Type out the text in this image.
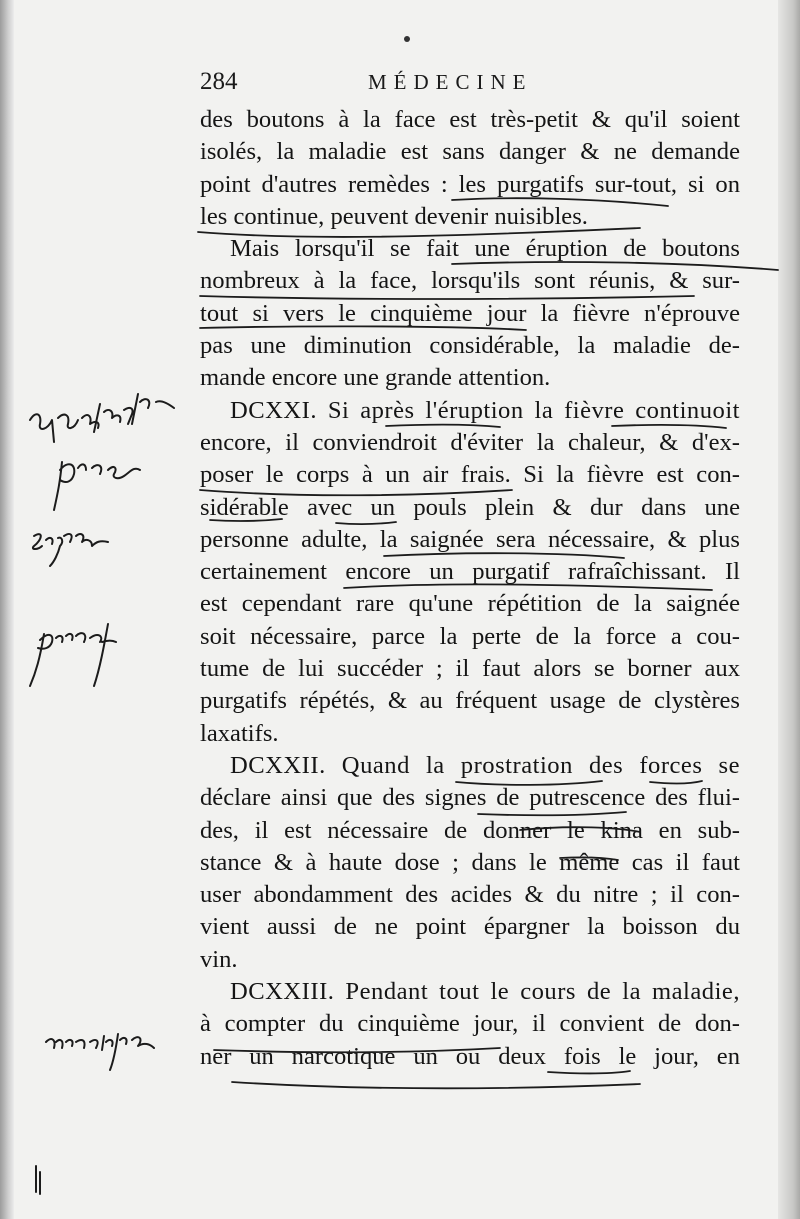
284	MÉDECINE
des boutons à la face est très-petit & qu'il soient
isolés, la maladie est sans danger & ne demande
point d'autres remèdes : les purgatifs sur-tout, si on
les continue, peuvent devenir nuisibles.
Mais lorsqu'il se fait une éruption de boutons
nombreux à la face, lorsqu'ils sont réunis, & sur-
tout si vers le cinquième jour la fièvre n'éprouve
pas une diminution considérable, la maladie de-
mande encore une grande attention.
DCXXI. Si après l'éruption la fièvre continuoit
encore, il conviendroit d'éviter la chaleur, & d'ex-
poser le corps à un air frais. Si la fièvre est con-
sidérable avec un pouls plein & dur dans une
personne adulte, la saignée sera nécessaire, & plus
certainement encore un purgatif rafraîchissant. Il
est cependant rare qu'une répétition de la saignée
soit nécessaire, parce la perte de la force a cou-
tume de lui succéder ; il faut alors se borner aux
purgatifs répétés, & au fréquent usage de clystères
laxatifs.
DCXXII. Quand la prostration des forces se
déclare ainsi que des signes de putrescence des flui-
des, il est nécessaire de donner le kina en sub-
stance & à haute dose ; dans le même cas il faut
user abondamment des acides & du nitre ; il con-
vient aussi de ne point épargner la boisson du
vin.
DCXXIII. Pendant tout le cours de la maladie,
à compter du cinquième jour, il convient de don-
ner un narcotique un ou deux fois le jour, en
